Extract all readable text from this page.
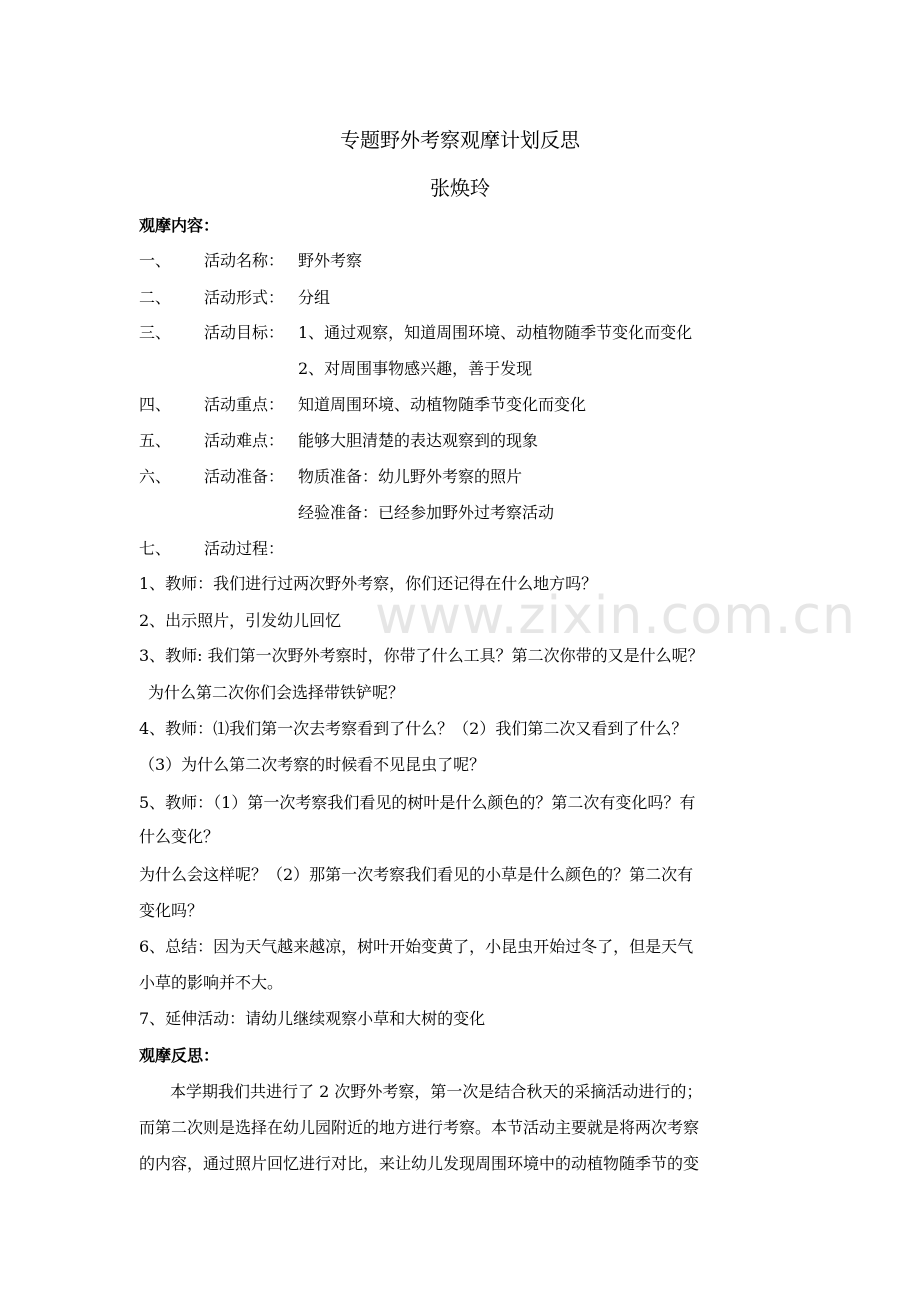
www.zixin.com.cn
专题野外考察观摩计划反思
张焕玲
观摩内容：
一、 活动名称： 野外考察
二、 活动形式： 分组
三、 活动目标： 1、通过观察，知道周围环境、动植物随季节变化而变化
2、对周围事物感兴趣，善于发现
四、 活动重点： 知道周围环境、动植物随季节变化而变化
五、 活动难点： 能够大胆清楚的表达观察到的现象
六、 活动准备： 物质准备：幼儿野外考察的照片
经验准备：已经参加野外过考察活动
七、 活动过程：
1、教师：我们进行过两次野外考察，你们还记得在什么地方吗？
2、出示照片，引发幼儿回忆
3、教师: 我们第一次野外考察时，你带了什么工具？第二次你带的又是什么呢？
为什么第二次你们会选择带铁铲呢？
4、教师：⑴我们第一次去考察看到了什么？（2）我们第二次又看到了什么？
（3）为什么第二次考察的时候看不见昆虫了呢？
5、教师：（1）第一次考察我们看见的树叶是什么颜色的？第二次有变化吗？有
什么变化？
为什么会这样呢？（2）那第一次考察我们看见的小草是什么颜色的？第二次有
变化吗？
6、总结：因为天气越来越凉，树叶开始变黄了，小昆虫开始过冬了，但是天气
小草的影响并不大。
7、延伸活动：请幼儿继续观察小草和大树的变化
观摩反思：
本学期我们共进行了 2 次野外考察，第一次是结合秋天的采摘活动进行的；
而第二次则是选择在幼儿园附近的地方进行考察。本节活动主要就是将两次考察
的内容，通过照片回忆进行对比，来让幼儿发现周围环境中的动植物随季节的变
